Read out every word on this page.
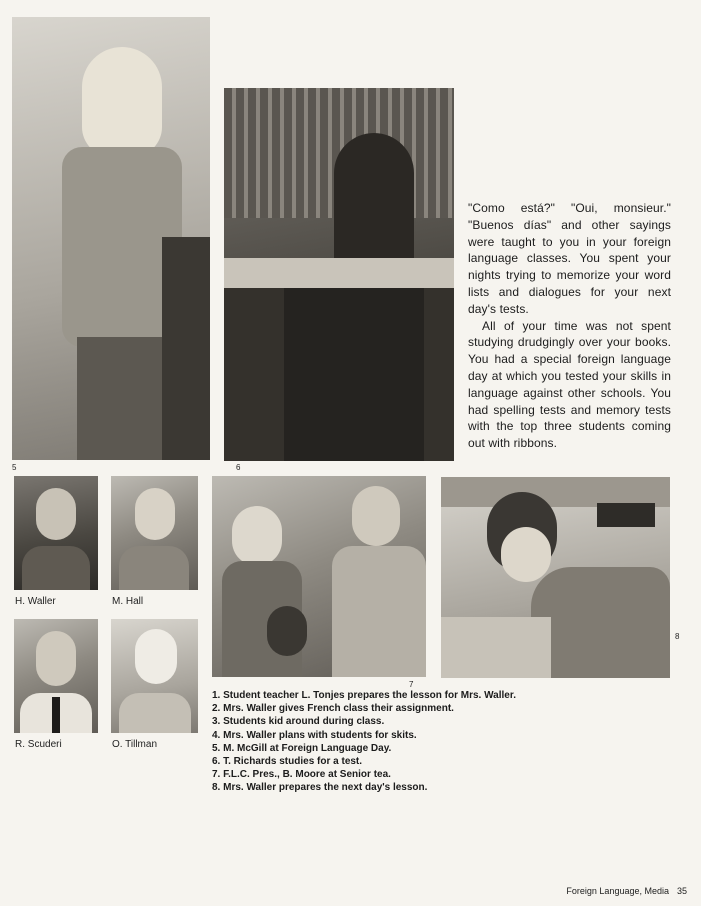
5	6

"Como está?" "Oui, monsieur." "Buenos días" and other sayings were taught to you in your foreign language classes. You spent your nights trying to memorize your word lists and dialogues for your next day's tests.

All of your time was not spent studying drudgingly over your books. You had a special foreign language day at which you tested your skills in language against other schools. You had spelling tests and memory tests with the top three students coming out with ribbons.

H. Waller	M. Hall
R. Scuderi	O. Tillman
7
8
1. Student teacher L. Tonjes prepares the lesson for Mrs. Waller.
2. Mrs. Waller gives French class their assignment.
3. Students kid around during class.
4. Mrs. Waller plans with students for skits.
5. M. McGill at Foreign Language Day.
6. T. Richards studies for a test.
7. F.L.C. Pres., B. Moore at Senior tea.
8. Mrs. Waller prepares the next day's lesson.
Foreign Language, Media 35
